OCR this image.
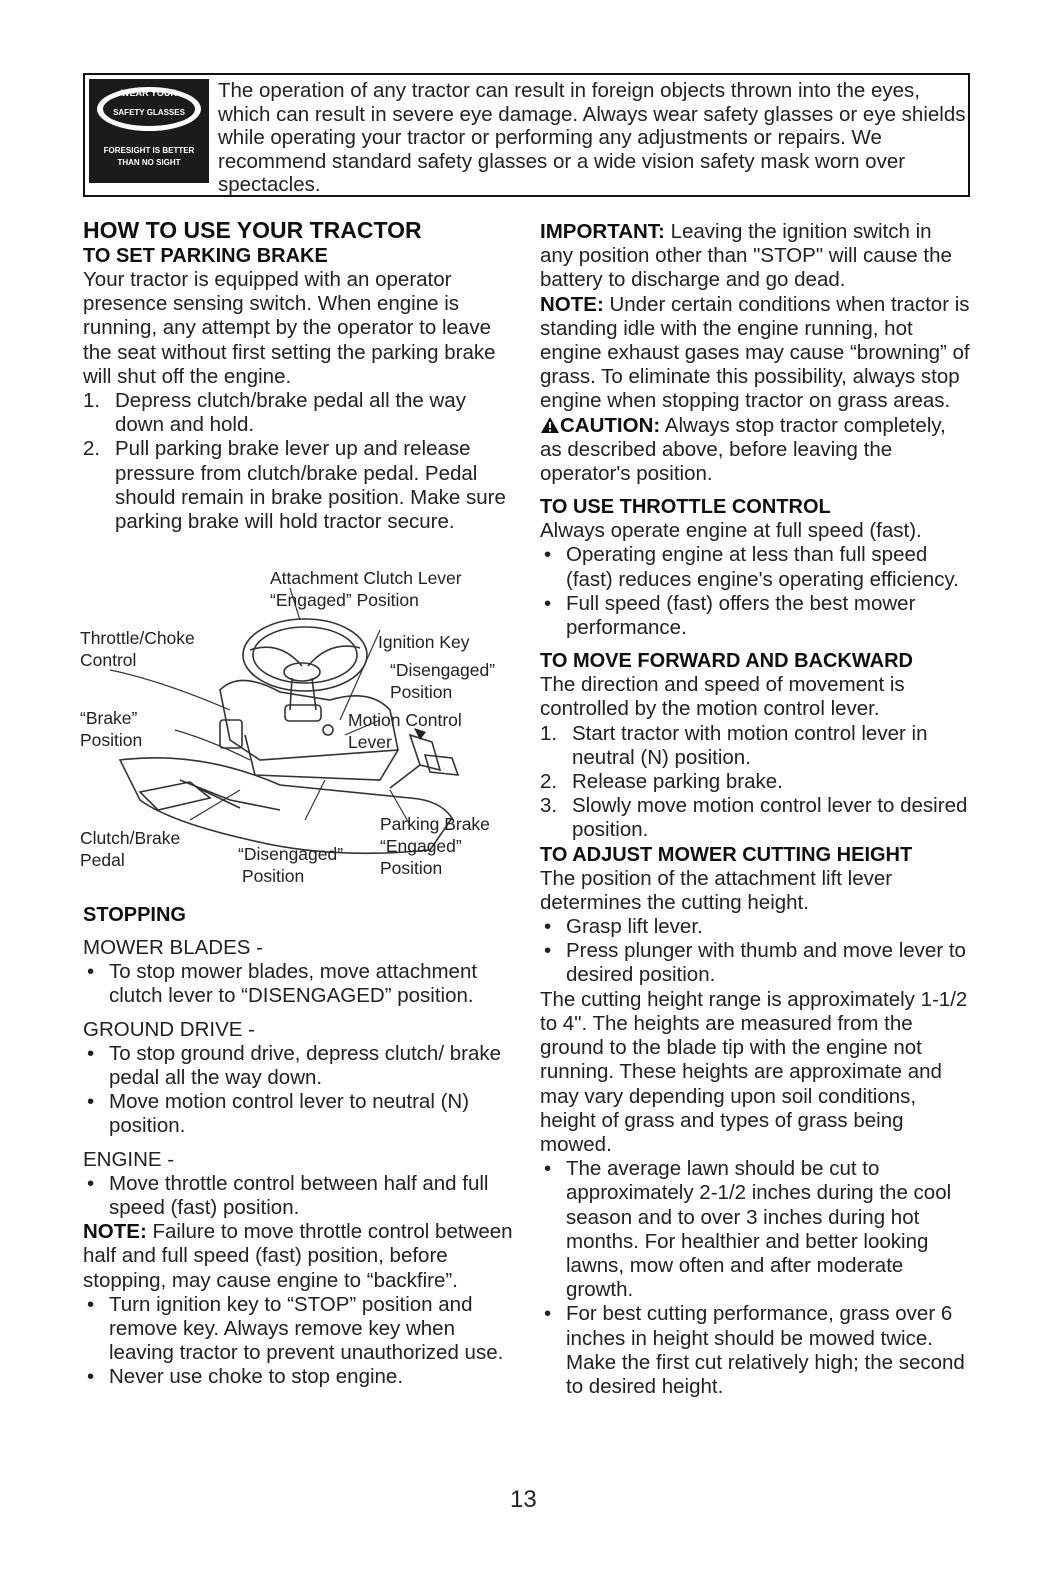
WEAR YOUR
SAFETY GLASSES
FORESIGHT IS BETTER
THAN NO SIGHT
The operation of any tractor can result in foreign objects thrown into the eyes, which can result in severe eye damage. Always wear safety glasses or eye shields while operating your tractor or performing any adjustments or repairs. We recommend standard safety glasses or a wide vision safety mask worn over spectacles.

HOW TO USE YOUR TRACTOR

TO SET PARKING BRAKE

Your tractor is equipped with an operator presence sensing switch. When engine is running, any attempt by the operator to leave the seat without first setting the parking brake will shut off the engine.

1. Depress clutch/brake pedal all the way down and hold.
2. Pull parking brake lever up and release pressure from clutch/brake pedal. Pedal should remain in brake position. Make sure parking brake will hold tractor secure.
Attachment Clutch Lever
“Engaged” Position
Throttle/Choke
Control
Ignition Key
“Disengaged”
Position
“Brake”
Position
Motion Control
Lever
Parking Brake
“Engaged”
Position
Clutch/Brake
Pedal	“Disengaged”
Position

STOPPING

MOWER BLADES -

• To stop mower blades, move attachment clutch lever to “DISENGAGED” position.

GROUND DRIVE -

• To stop ground drive, depress clutch/ brake pedal all the way down.
• Move motion control lever to neutral (N) position.

ENGINE -

• Move throttle control between half and full speed (fast) position.

NOTE: Failure to move throttle control between half and full speed (fast) position, before stopping, may cause engine to “backfire”.

• Turn ignition key to “STOP” position and remove key. Always remove key when leaving tractor to prevent unauthorized use.
• Never use choke to stop engine.

IMPORTANT: Leaving the ignition switch in any position other than "STOP" will cause the battery to discharge and go dead.

NOTE: Under certain conditions when tractor is standing idle with the engine running, hot engine exhaust gases may cause “browning” of grass. To eliminate this possibility, always stop engine when stopping tractor on grass areas.

CAUTION: Always stop tractor completely, as described above, before leaving the operator's position.

TO USE THROTTLE CONTROL

Always operate engine at full speed (fast).

• Operating engine at less than full speed (fast) reduces engine's operating efficiency.
• Full speed (fast) offers the best mower performance.

TO MOVE FORWARD AND BACKWARD

The direction and speed of movement is controlled by the motion control lever.

1. Start tractor with motion control lever in neutral (N) position.
2. Release parking brake.
3. Slowly move motion control lever to desired position.

TO ADJUST MOWER CUTTING HEIGHT

The position of the attachment lift lever determines the cutting height.

• Grasp lift lever.
• Press plunger with thumb and move lever to desired position.

The cutting height range is approximately 1-1/2 to 4". The heights are measured from the ground to the blade tip with the engine not running. These heights are approximate and may vary depending upon soil conditions, height of grass and types of grass being mowed.

• The average lawn should be cut to approximately 2-1/2 inches during the cool season and to over 3 inches during hot months. For healthier and better looking lawns, mow often and after moderate growth.
• For best cutting performance, grass over 6 inches in height should be mowed twice. Make the first cut relatively high; the second to desired height.
13
